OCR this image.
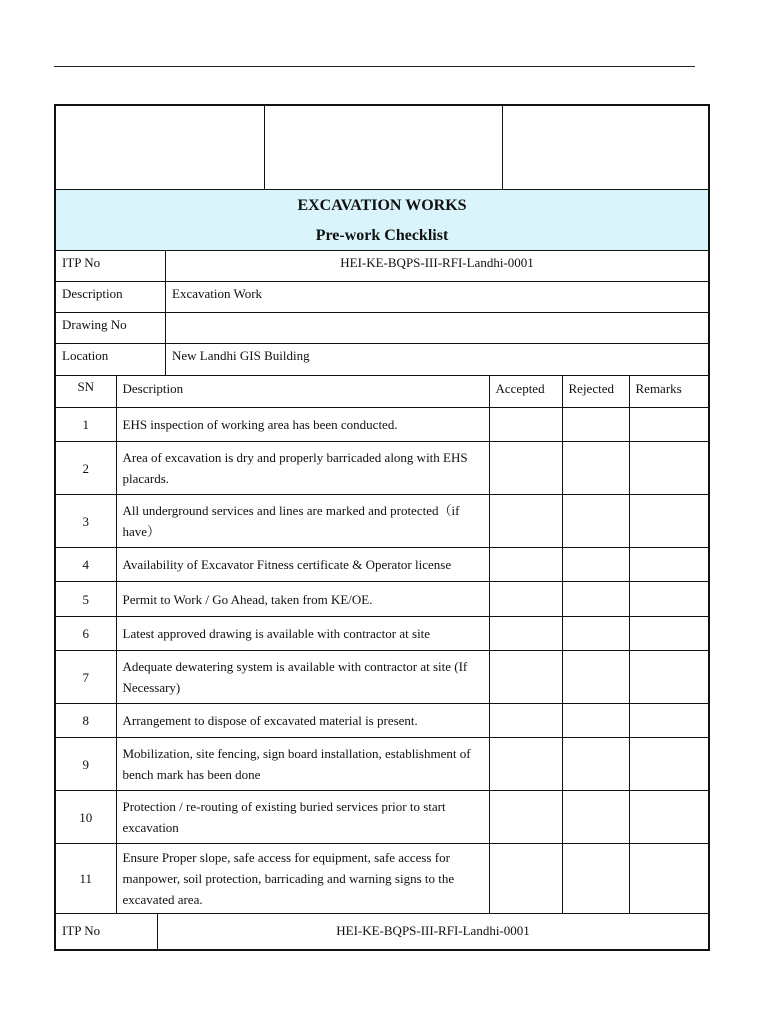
EXCAVATION WORKS
Pre-work Checklist
ITP No	HEI-KE-BQPS-III-RFI-Landhi-0001
Description	Excavation Work
Drawing No
Location	New Landhi GIS Building
SN	Description	Accepted	Rejected	Remarks
1	EHS inspection of working area has been conducted.			
2	Area of excavation is dry and properly barricaded along with EHS placards.			
3	All underground services and lines are marked and protected（if have）			
4	Availability of Excavator Fitness certificate & Operator license			
5	Permit to Work / Go Ahead, taken from KE/OE.			
6	Latest approved drawing is available with contractor at site			
7	Adequate dewatering system is available with contractor at site (If Necessary)			
8	Arrangement to dispose of excavated material is present.			
9	Mobilization, site fencing, sign board installation, establishment of bench mark has been done			
10	Protection / re-routing of existing buried services prior to start excavation			
11	Ensure Proper slope, safe access for equipment, safe access for manpower, soil protection, barricading and warning signs to the excavated area.			
ITP No	HEI-KE-BQPS-III-RFI-Landhi-0001
